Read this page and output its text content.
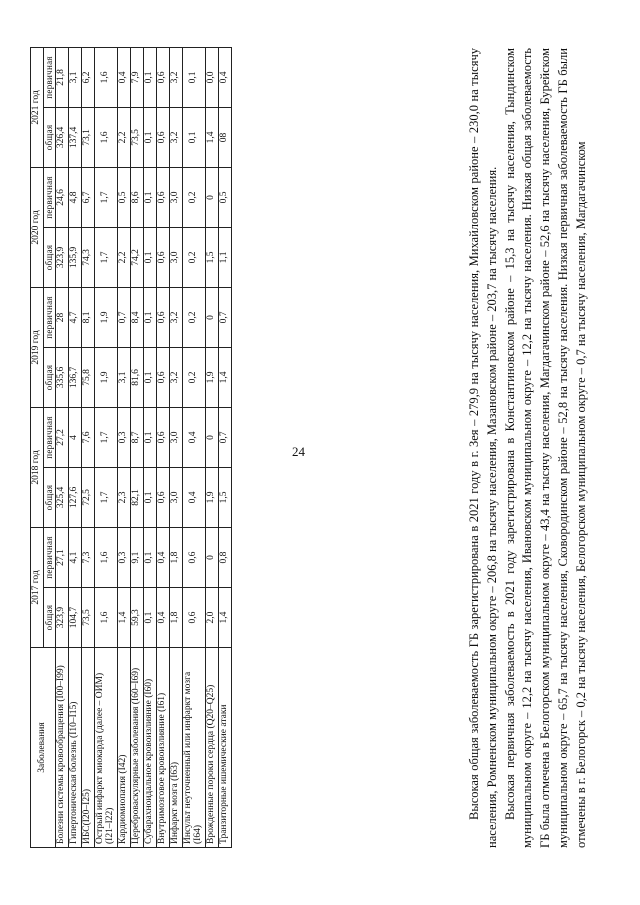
24
Заболевания	2017 год		2018 год		2019 год		2020 год		2021 год	
	общая	первичная	общая	первичная	общая	первичная	общая	первичная	общая	первичная
Болезни системы кровообращения (I00–I99)	323,9	27,1	325,4	27,2	335,6	28	323,9	24,6	326,4	21,8
Гипертоническая болезнь (I10–I15)	104,7	4,1	127,6	4	136,7	4,7	135,9	4,8	137,4	3,1
ИБС(I20–I25)	73,5	7,3	72,5	7,6	75,8	8,1	74,3	6,7	73,1	6,2
Острый инфаркт миокарда (далее – ОИМ) (I21–I22)	1,6	1,6	1,7	1,7	1,9	1,9	1,7	1,7	1,6	1,6
Кардиомиопатия (I42)	1,4	0,3	2,3	0,3	3,1	0,7	2,2	0,5	2,2	0,4
Цереброваскулярные заболевания (I60–I69)	59,3	9,1	82,1	8,7	81,6	8,4	74,2	8,6	73,5	7,9
Субарахноидальное кровоизлияние (I60)	0,1	0,1	0,1	0,1	0,1	0,1	0,1	0,1	0,1	0,1
Внутримозговое кровоизлияние (I61)	0,4	0,4	0,6	0,6	0,6	0,6	0,6	0,6	0,6	0,6
Инфаркт мозга (I63)	1,8	1,8	3,0	3,0	3,2	3,2	3,0	3,0	3,2	3,2
Инсульт неуточненный или инфаркт мозга (I64)	0,6	0,6	0,4	0,4	0,2	0,2	0,2	0,2	0,1	0,1
Врожденные пороки сердца (Q20–Q25)	2,0	0	1,9	0	1,9	0	1,5	0	1,4	0,0
Транзиторные ишемические атаки	1,4	0,8	1,5	0,7	1,4	0,7	1,1	0,5	08	0,4	Высокая общая заболеваемость ГБ зарегистрирована в 2021 году в г. Зея – 279,9 на тысячу населения, Михайловском районе – 230,0 на тысячу населения, Ромненском муниципальном округе – 206,8 на тысячу населения, Мазановском районе – 203,7 на тысячу населения. Высокая первичная заболеваемость в 2021 году зарегистрирована в Константиновском районе – 15,3 на тысячу населения, Тындинском муниципальном округе – 12,2 на тысячу населения, Ивановском муниципальном округе – 12,2 на тысячу населения. Низкая общая заболеваемость ГБ была отмечена в Белогорском муниципальном округе – 43,4 на тысячу населения, Магдагачинском районе – 52,6 на тысячу населения, Бурейском муниципальном округе – 65,7 на тысячу населения, Сковородинском районе – 52,8 на тысячу населения. Низкая первичная заболеваемость ГБ были отмечены в г. Белогорск – 0,2 на тысячу населения, Белогорском муниципальном округе – 0,7 на тысячу населения, Магдагачинском
